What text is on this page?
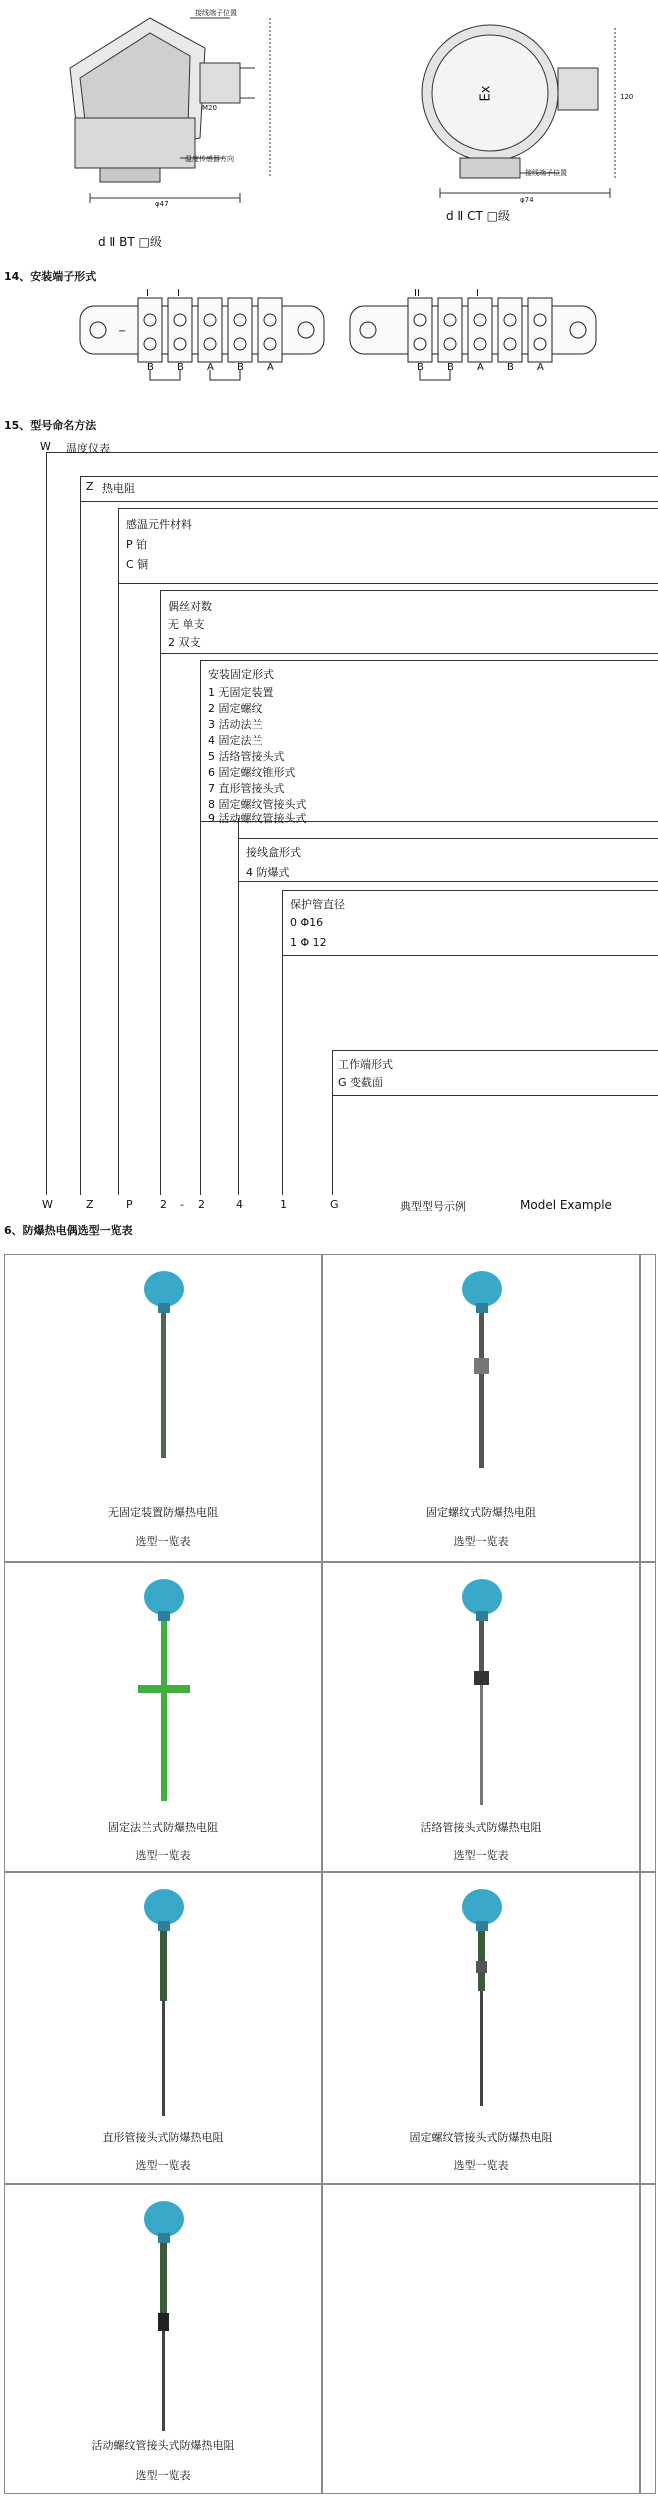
接线端子位置
温度传感器方向
M20
φ47
d Ⅱ BT □级
Ex
接线端子位置
φ74
120
d Ⅱ CT □级
14、安装端子形式
−
I	I
B B A B A
II	I
B B A B A
15、型号命名方法
W 温度仪表
Z 热电阻
感温元件材料
P 铂
C 铜
偶丝对数
无 单支
2 双支
安装固定形式
1 无固定装置
2 固定螺纹
3 活动法兰
4 固定法兰
5 活络管接头式
6 固定螺纹锥形式
7 直形管接头式
8 固定螺纹管接头式
9 活动螺纹管接头式
接线盒形式
4 防爆式
保护管直径
0 Φ16
1 Φ 12
工作端形式
G 变截面
W	Z	P 2 - 2	4	1	G	典型型号示例	Model Example
6、防爆热电偶选型一览表
无固定装置防爆热电阻
选型一览表
固定螺纹式防爆热电阻
选型一览表
固定法兰式防爆热电阻
选型一览表
活络管接头式防爆热电阻
选型一览表
直形管接头式防爆热电阻
选型一览表
固定螺纹管接头式防爆热电阻
选型一览表
活动螺纹管接头式防爆热电阻
选型一览表
